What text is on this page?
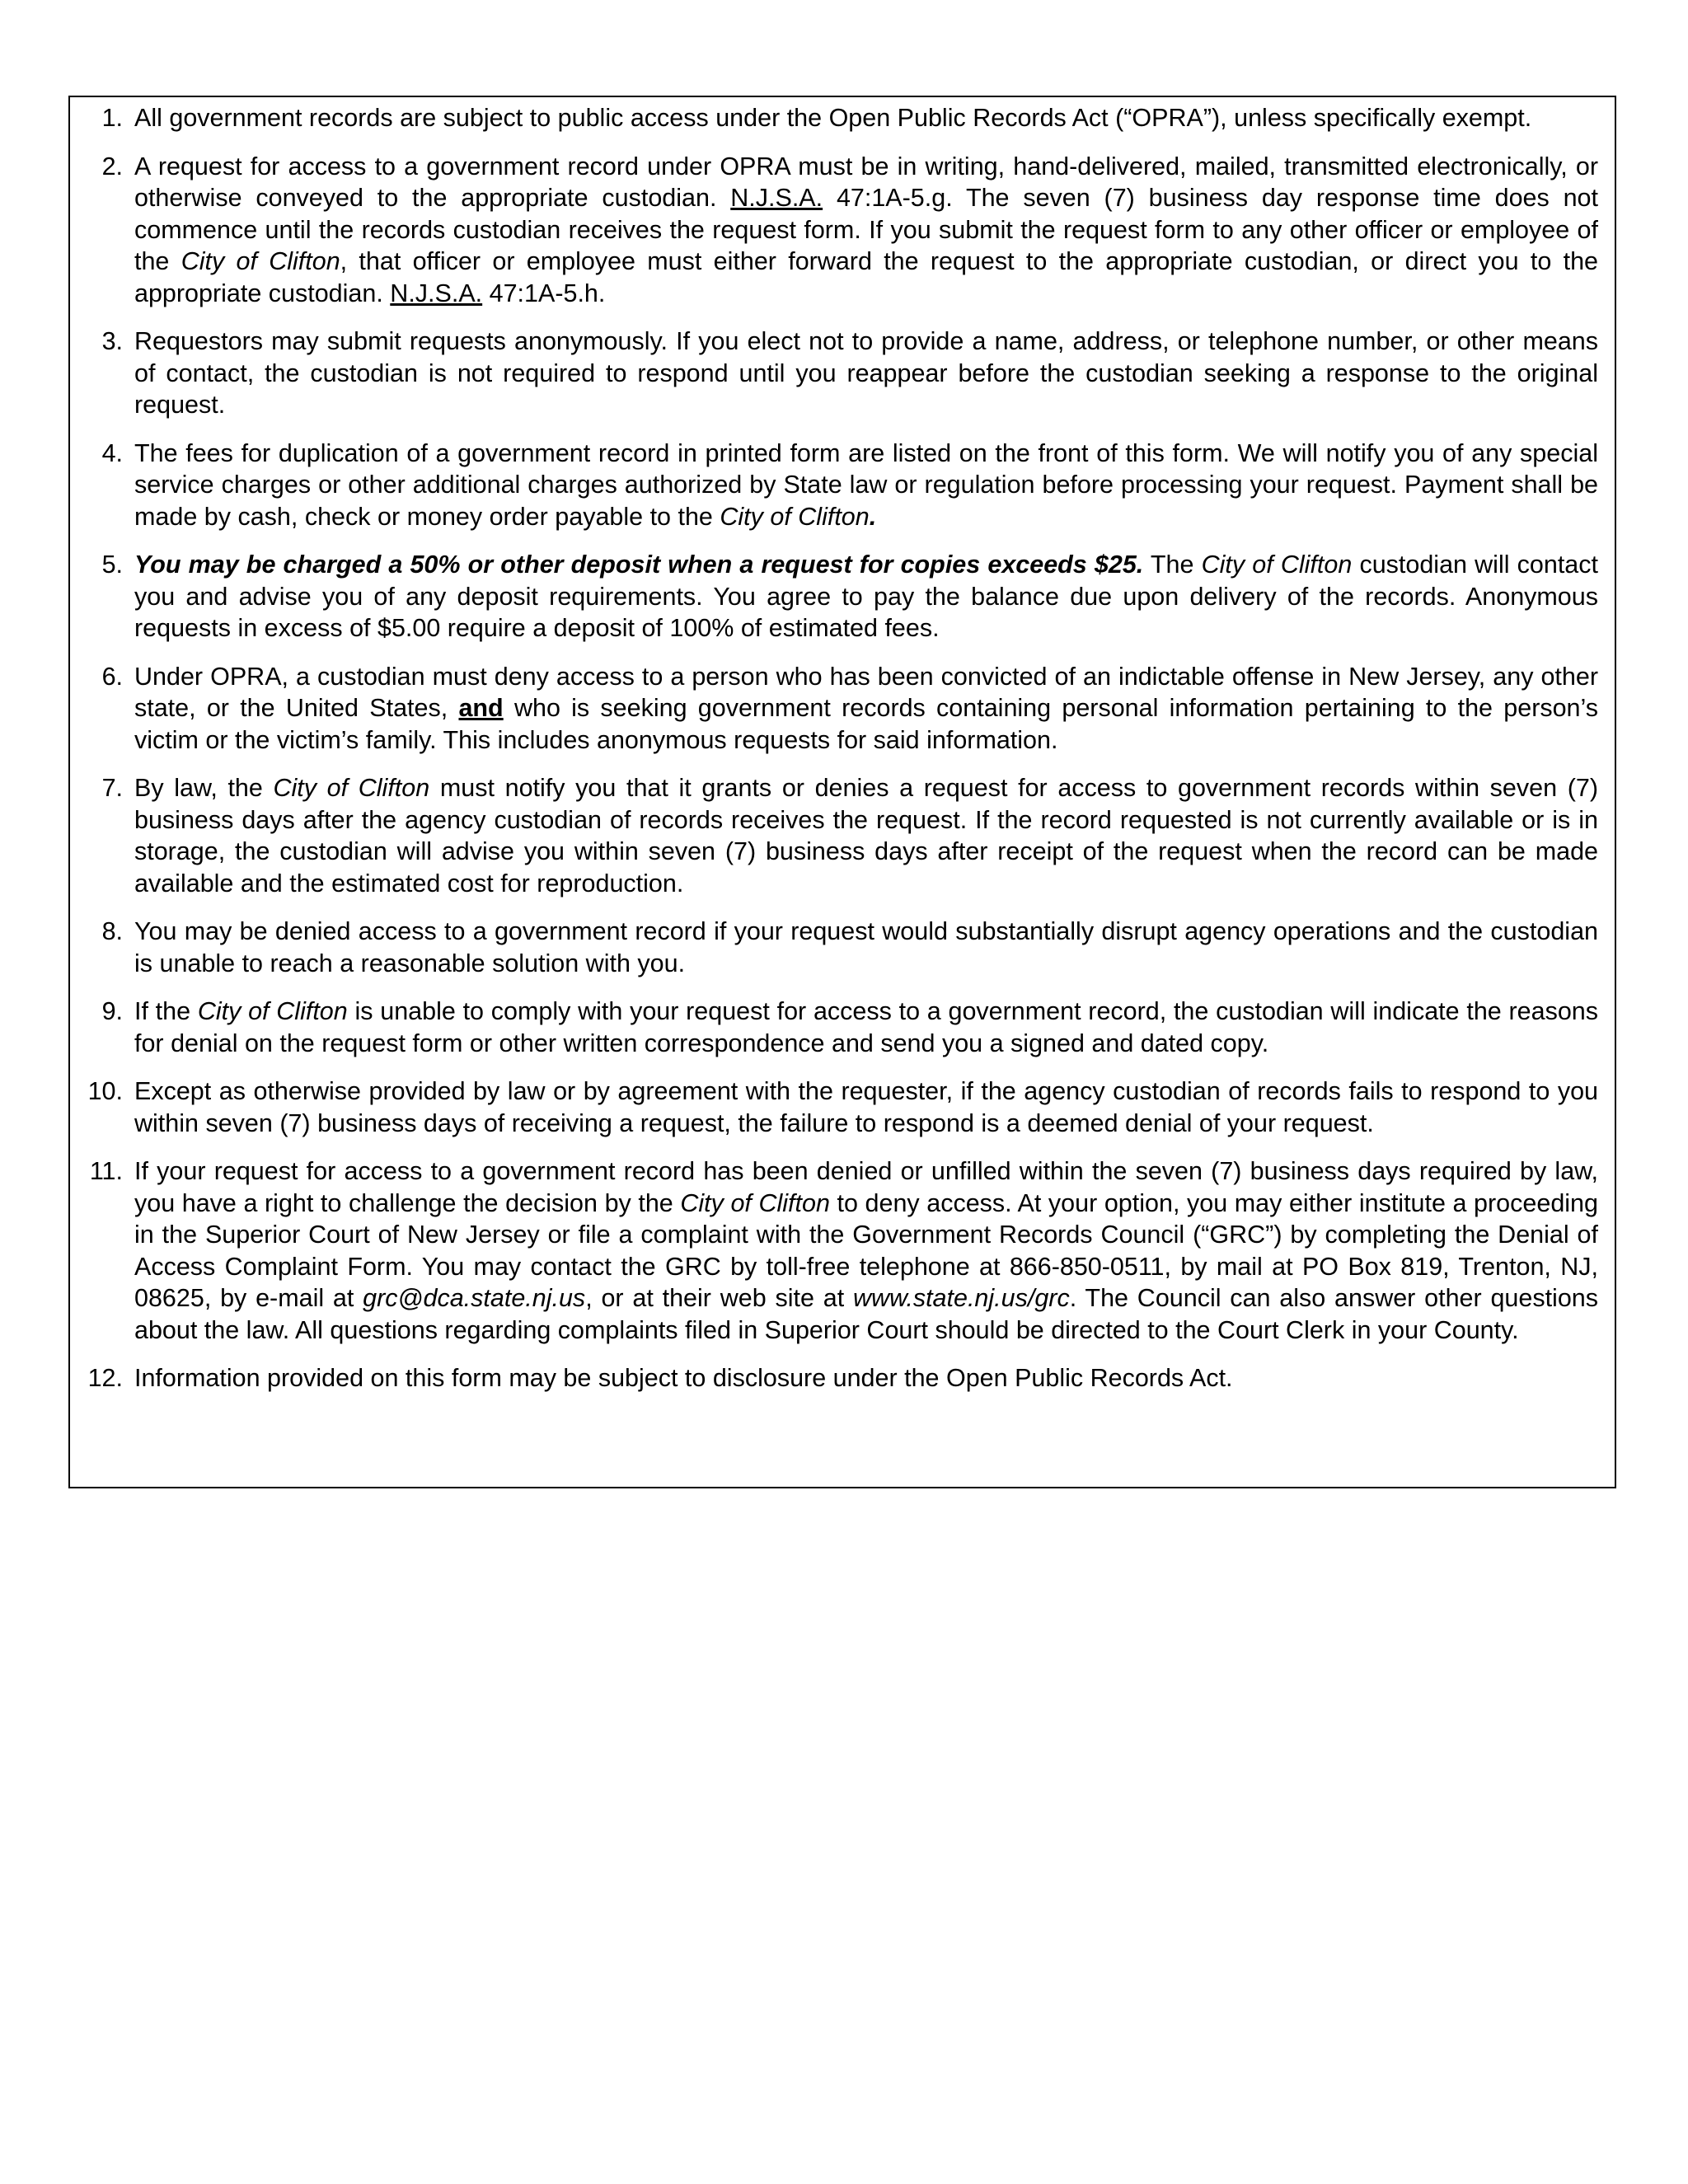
1. All government records are subject to public access under the Open Public Records Act (“OPRA”), unless specifically exempt.
2. A request for access to a government record under OPRA must be in writing, hand-delivered, mailed, transmitted electronically, or otherwise conveyed to the appropriate custodian. N.J.S.A. 47:1A-5.g. The seven (7) business day response time does not commence until the records custodian receives the request form. If you submit the request form to any other officer or employee of the City of Clifton, that officer or employee must either forward the request to the appropriate custodian, or direct you to the appropriate custodian. N.J.S.A. 47:1A-5.h.
3. Requestors may submit requests anonymously. If you elect not to provide a name, address, or telephone number, or other means of contact, the custodian is not required to respond until you reappear before the custodian seeking a response to the original request.
4. The fees for duplication of a government record in printed form are listed on the front of this form. We will notify you of any special service charges or other additional charges authorized by State law or regulation before processing your request. Payment shall be made by cash, check or money order payable to the City of Clifton.
5. You may be charged a 50% or other deposit when a request for copies exceeds $25. The City of Clifton custodian will contact you and advise you of any deposit requirements. You agree to pay the balance due upon delivery of the records. Anonymous requests in excess of $5.00 require a deposit of 100% of estimated fees.
6. Under OPRA, a custodian must deny access to a person who has been convicted of an indictable offense in New Jersey, any other state, or the United States, and who is seeking government records containing personal information pertaining to the person’s victim or the victim’s family. This includes anonymous requests for said information.
7. By law, the City of Clifton must notify you that it grants or denies a request for access to government records within seven (7) business days after the agency custodian of records receives the request. If the record requested is not currently available or is in storage, the custodian will advise you within seven (7) business days after receipt of the request when the record can be made available and the estimated cost for reproduction.
8. You may be denied access to a government record if your request would substantially disrupt agency operations and the custodian is unable to reach a reasonable solution with you.
9. If the City of Clifton is unable to comply with your request for access to a government record, the custodian will indicate the reasons for denial on the request form or other written correspondence and send you a signed and dated copy.
10. Except as otherwise provided by law or by agreement with the requester, if the agency custodian of records fails to respond to you within seven (7) business days of receiving a request, the failure to respond is a deemed denial of your request.
11. If your request for access to a government record has been denied or unfilled within the seven (7) business days required by law, you have a right to challenge the decision by the City of Clifton to deny access. At your option, you may either institute a proceeding in the Superior Court of New Jersey or file a complaint with the Government Records Council (“GRC”) by completing the Denial of Access Complaint Form. You may contact the GRC by toll-free telephone at 866-850-0511, by mail at PO Box 819, Trenton, NJ, 08625, by e-mail at grc@dca.state.nj.us, or at their web site at www.state.nj.us/grc. The Council can also answer other questions about the law. All questions regarding complaints filed in Superior Court should be directed to the Court Clerk in your County.
12. Information provided on this form may be subject to disclosure under the Open Public Records Act.
